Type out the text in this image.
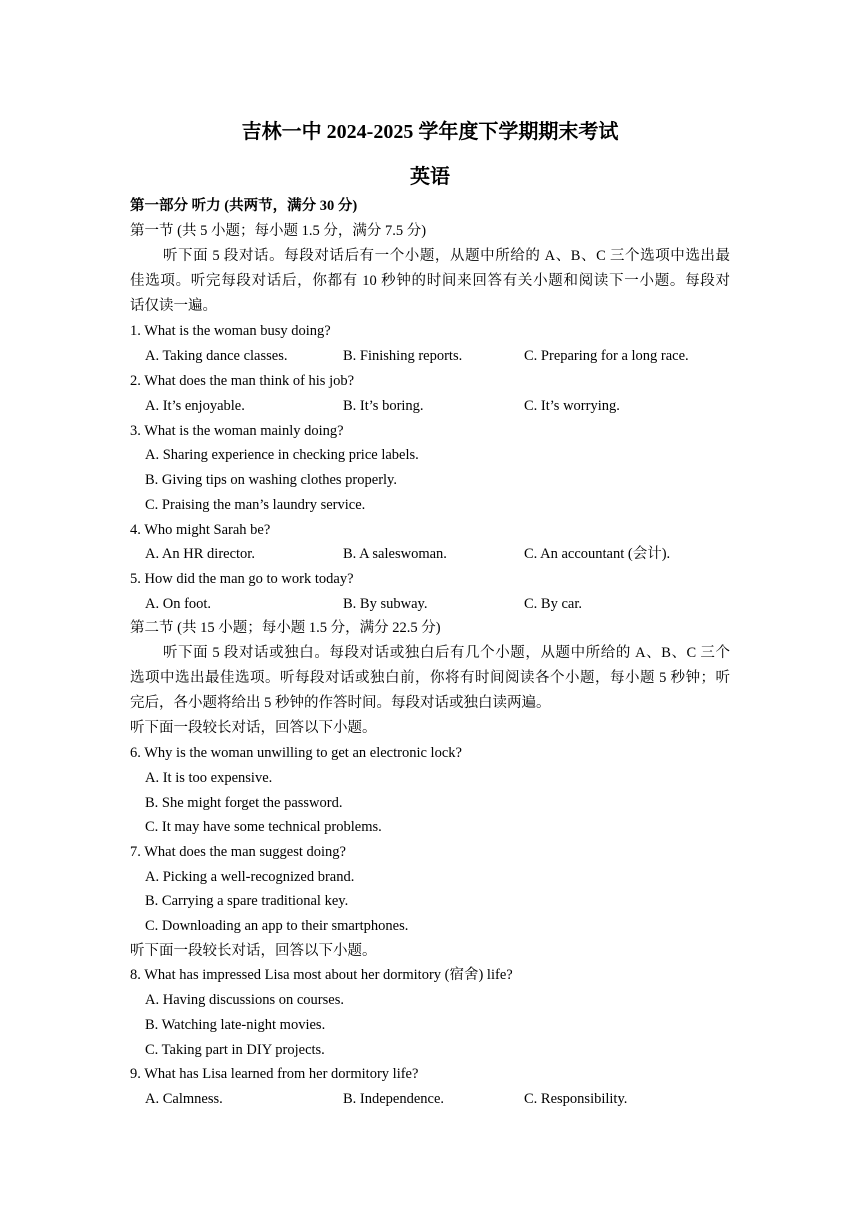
吉林一中 2024-2025 学年度下学期期末考试
英语
第一部分 听力 (共两节，满分 30 分)
第一节 (共 5 小题；每小题 1.5 分，满分 7.5 分)
听下面 5 段对话。每段对话后有一个小题，从题中所给的 A、B、C 三个选项中选出最
佳选项。听完每段对话后，你都有 10 秒钟的时间来回答有关小题和阅读下一小题。每段对
话仅读一遍。
1. What is the woman busy doing?
A. Taking dance classes.	B. Finishing reports.	C. Preparing for a long race.
2. What does the man think of his job?
A. It’s enjoyable.	B. It’s boring.	C. It’s worrying.
3. What is the woman mainly doing?
A. Sharing experience in checking price labels.
B. Giving tips on washing clothes properly.
C. Praising the man’s laundry service.
4. Who might Sarah be?
A. An HR director.	B. A saleswoman.	C. An accountant (会计).
5. How did the man go to work today?
A. On foot.	B. By subway.	C. By car.
第二节 (共 15 小题；每小题 1.5 分，满分 22.5 分)
听下面 5 段对话或独白。每段对话或独白后有几个小题，从题中所给的 A、B、C 三个
选项中选出最佳选项。听每段对话或独白前，你将有时间阅读各个小题，每小题 5 秒钟；听
完后，各小题将给出 5 秒钟的作答时间。每段对话或独白读两遍。
听下面一段较长对话，回答以下小题。
6. Why is the woman unwilling to get an electronic lock?
A. It is too expensive.
B. She might forget the password.
C. It may have some technical problems.
7. What does the man suggest doing?
A. Picking a well-recognized brand.
B. Carrying a spare traditional key.
C. Downloading an app to their smartphones.
听下面一段较长对话，回答以下小题。
8. What has impressed Lisa most about her dormitory (宿舍) life?
A. Having discussions on courses.
B. Watching late-night movies.
C. Taking part in DIY projects.
9. What has Lisa learned from her dormitory life?
A. Calmness.	B. Independence.	C. Responsibility.
